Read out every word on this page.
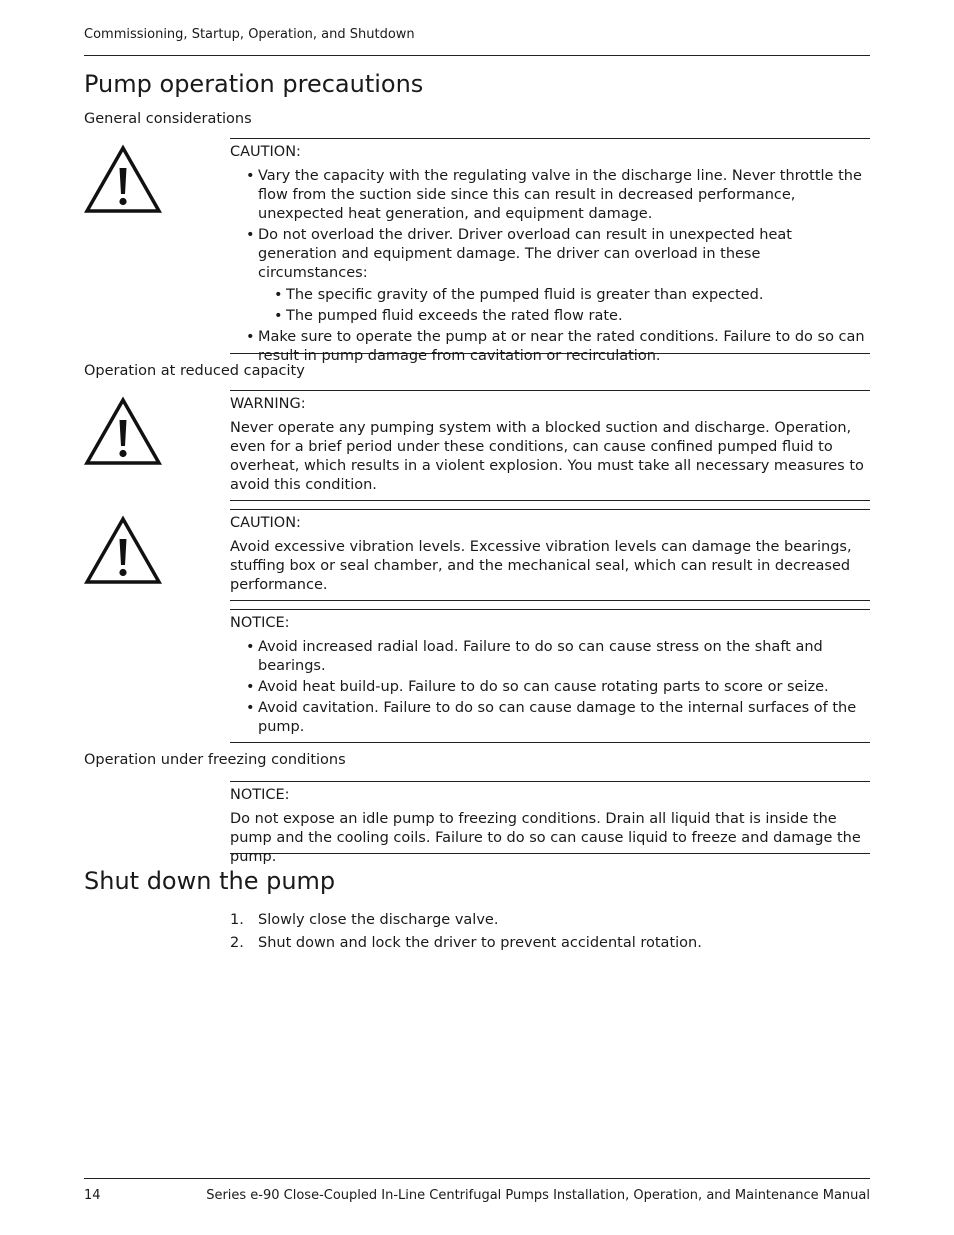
Commissioning, Startup, Operation, and Shutdown
Pump operation precautions
General considerations
CAUTION:
• Vary the capacity with the regulating valve in the discharge line. Never throttle the flow from the suction side since this can result in decreased performance, unexpected heat generation, and equipment damage.
• Do not overload the driver. Driver overload can result in unexpected heat generation and equipment damage. The driver can overload in these circumstances:
• The specific gravity of the pumped fluid is greater than expected.
• The pumped fluid exceeds the rated flow rate.
• Make sure to operate the pump at or near the rated conditions. Failure to do so can result in pump damage from cavitation or recirculation.
Operation at reduced capacity
WARNING:

Never operate any pumping system with a blocked suction and discharge. Operation, even for a brief period under these conditions, can cause confined pumped fluid to overheat, which results in a violent explosion. You must take all necessary measures to avoid this condition.

CAUTION:

Avoid excessive vibration levels. Excessive vibration levels can damage the bearings, stuffing box or seal chamber, and the mechanical seal, which can result in decreased performance.

NOTICE:
• Avoid increased radial load. Failure to do so can cause stress on the shaft and bearings.
• Avoid heat build-up. Failure to do so can cause rotating parts to score or seize.
• Avoid cavitation. Failure to do so can cause damage to the internal surfaces of the pump.
Operation under freezing conditions
NOTICE:

Do not expose an idle pump to freezing conditions. Drain all liquid that is inside the pump and the cooling coils. Failure to do so can cause liquid to freeze and damage the pump.

Shut down the pump
1. Slowly close the discharge valve.
2. Shut down and lock the driver to prevent accidental rotation.
14	Series e-90 Close-Coupled In-Line Centrifugal Pumps Installation, Operation, and Maintenance Manual
